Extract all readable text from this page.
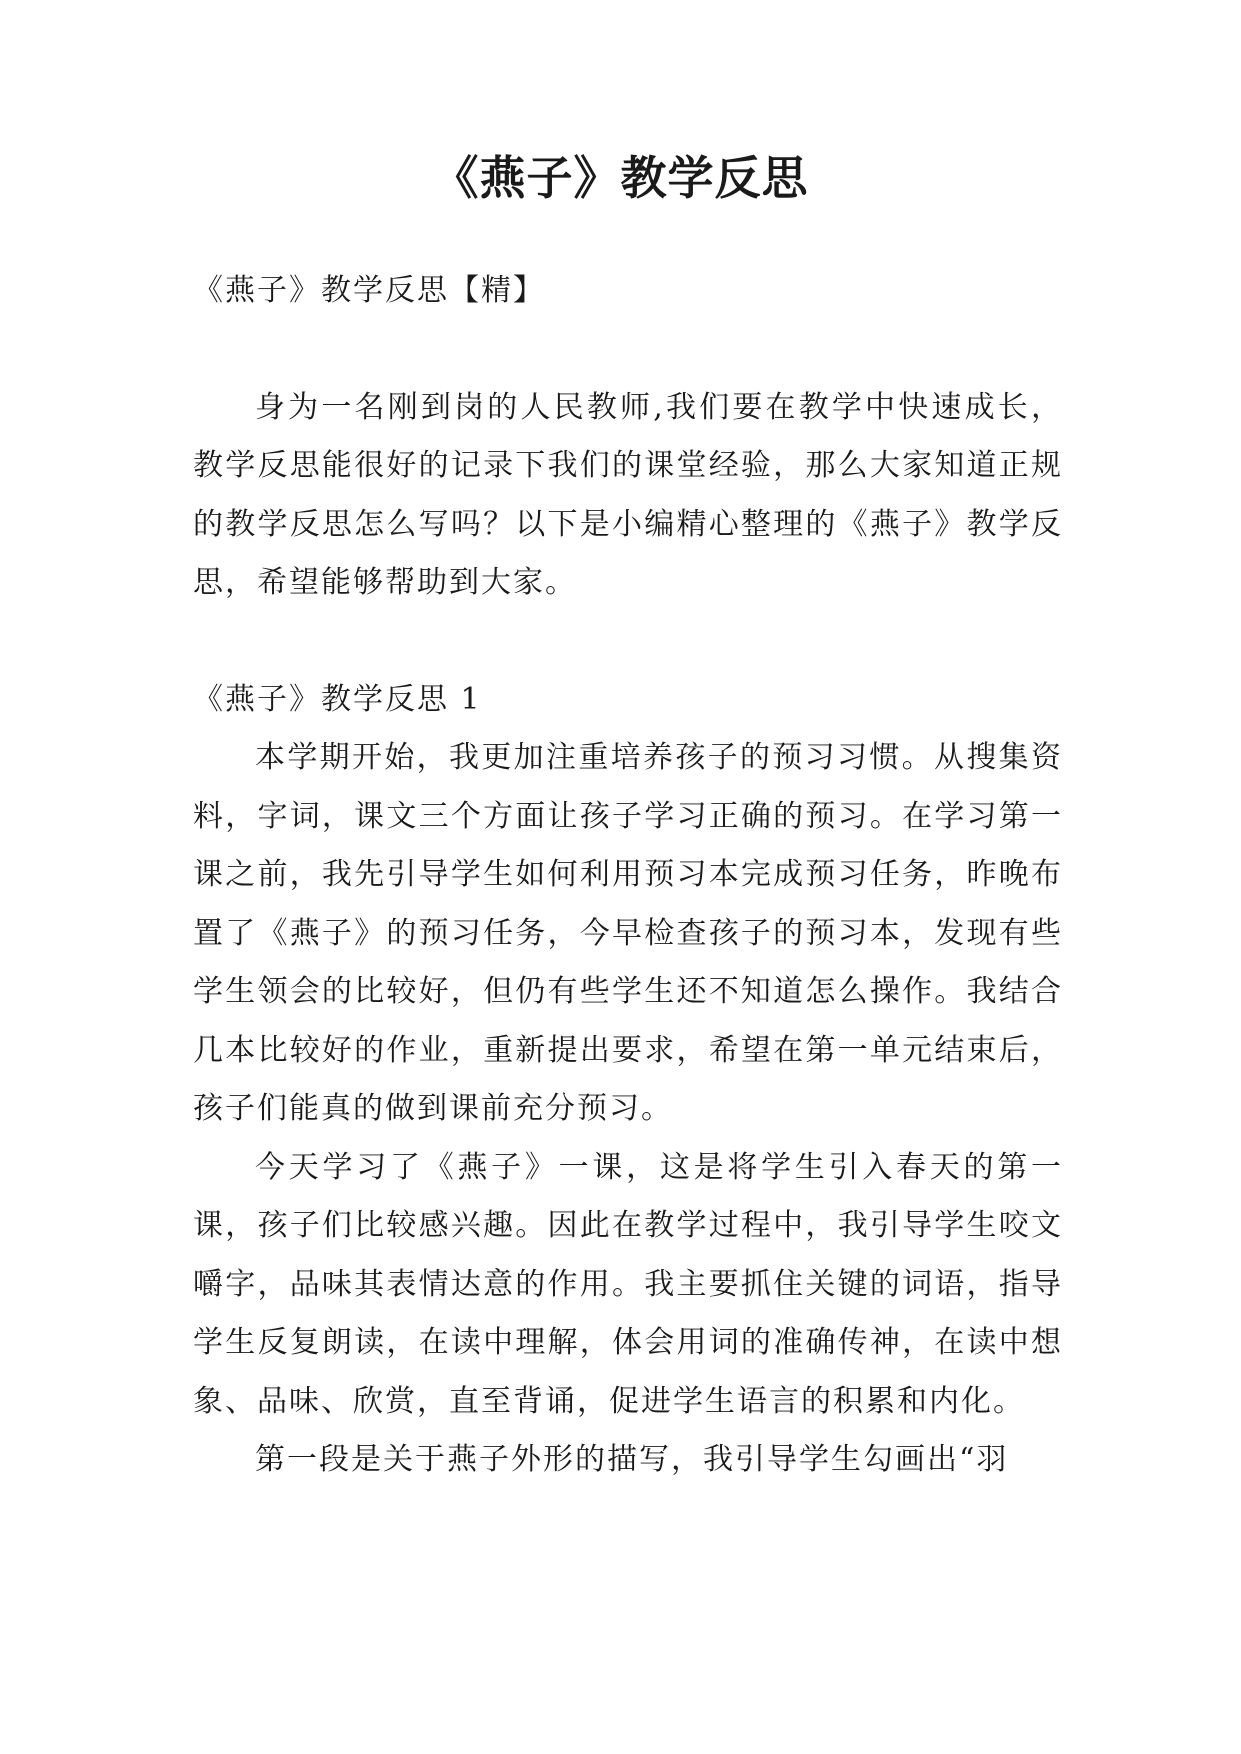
《燕子》教学反思

《燕子》教学反思【精】

身为一名刚到岗的人民教师,我们要在教学中快速成长，教学反思能很好的记录下我们的课堂经验，那么大家知道正规的教学反思怎么写吗？以下是小编精心整理的《燕子》教学反思，希望能够帮助到大家。

《燕子》教学反思 1

本学期开始，我更加注重培养孩子的预习习惯。从搜集资料，字词，课文三个方面让孩子学习正确的预习。在学习第一课之前，我先引导学生如何利用预习本完成预习任务，昨晚布置了《燕子》的预习任务，今早检查孩子的预习本，发现有些学生领会的比较好，但仍有些学生还不知道怎么操作。我结合几本比较好的作业，重新提出要求，希望在第一单元结束后，孩子们能真的做到课前充分预习。

今天学习了《燕子》一课，这是将学生引入春天的第一课，孩子们比较感兴趣。因此在教学过程中，我引导学生咬文嚼字，品味其表情达意的作用。我主要抓住关键的词语，指导学生反复朗读，在读中理解，体会用词的准确传神，在读中想象、品味、欣赏，直至背诵，促进学生语言的积累和内化。

第一段是关于燕子外形的描写，我引导学生勾画出“羽
